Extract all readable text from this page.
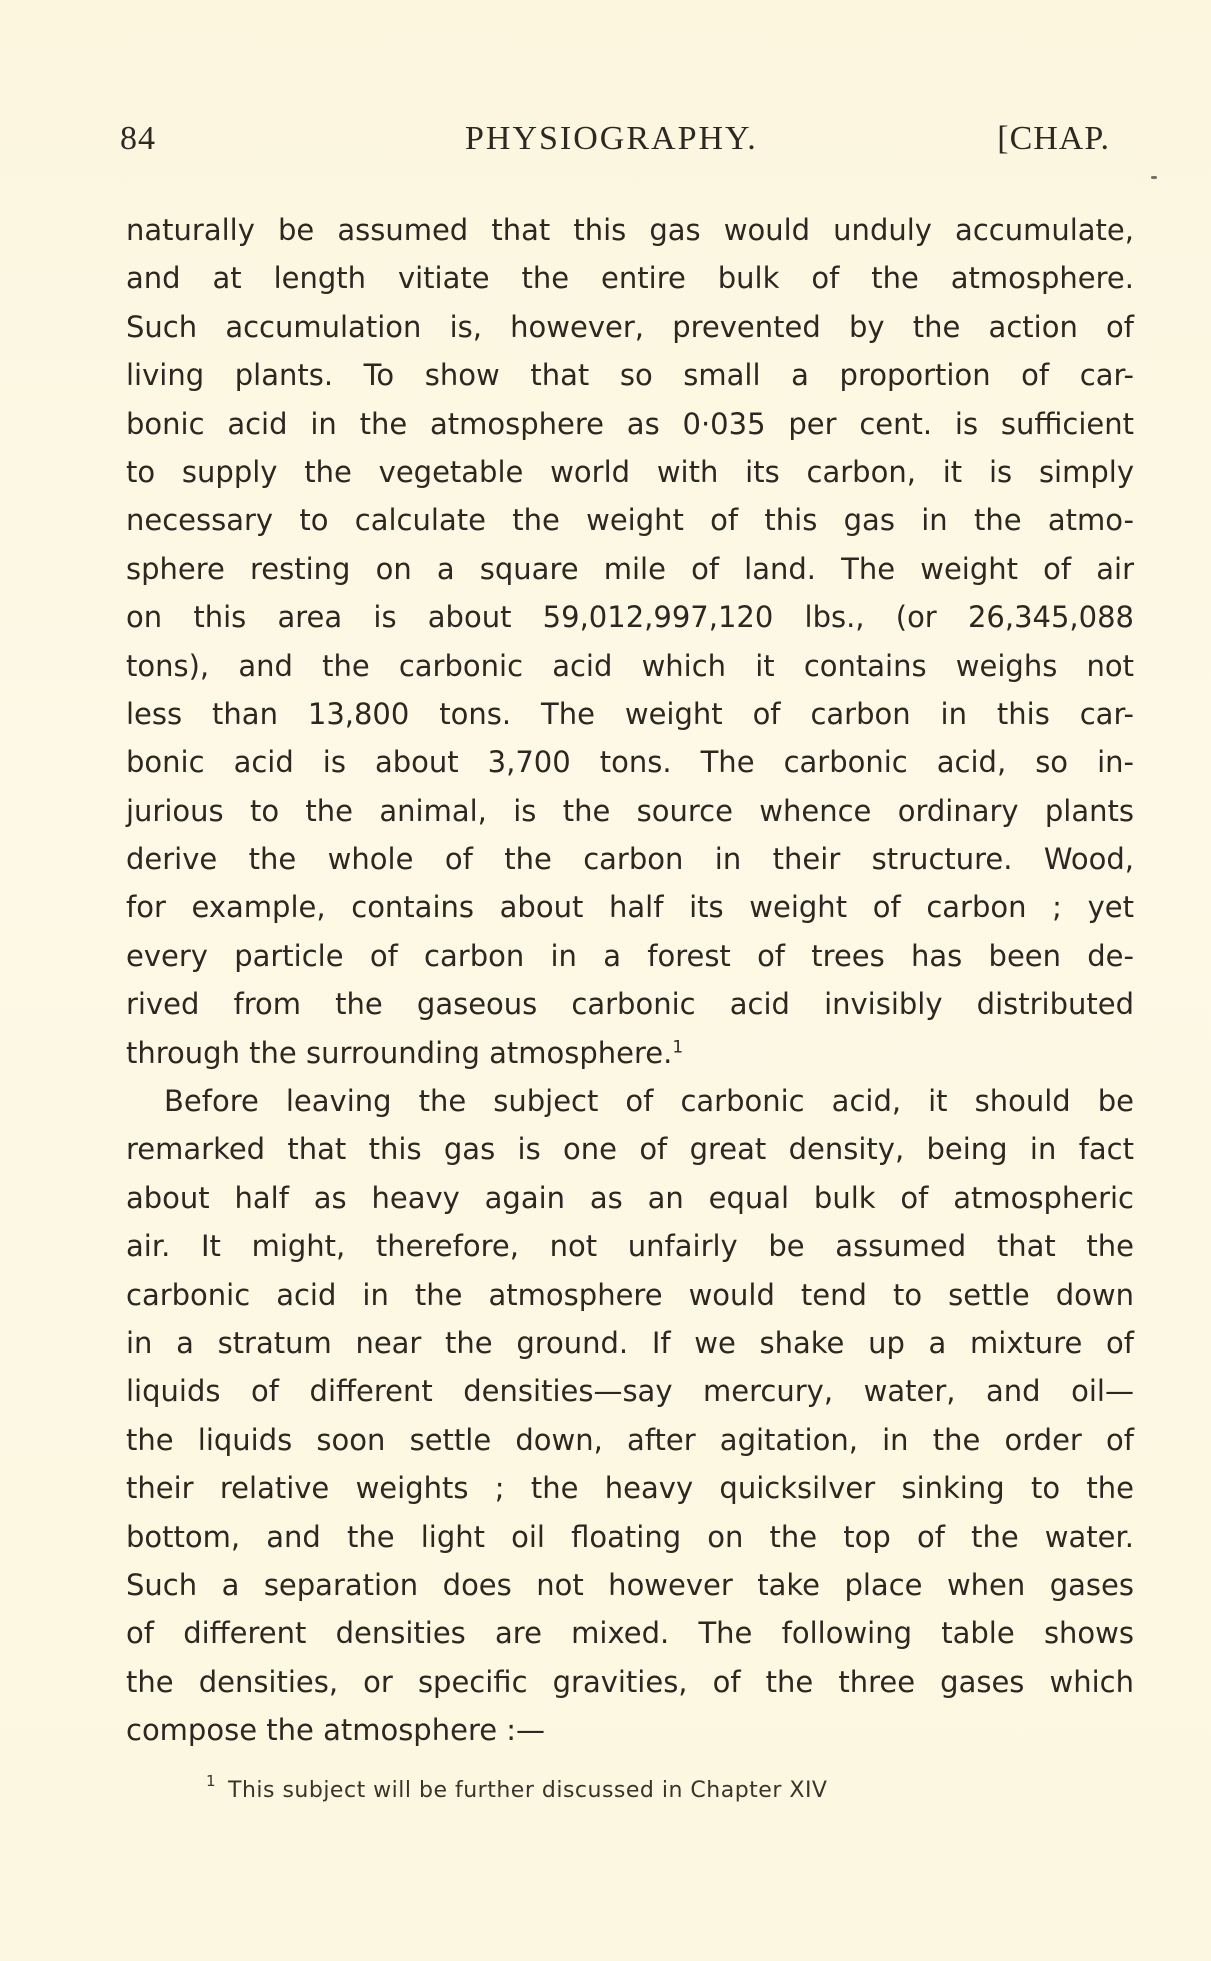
84	PHYSIOGRAPHY.	[CHAP.
naturally be assumed that this gas would unduly accumulate,
and at length vitiate the entire bulk of the atmosphere.
Such accumulation is, however, prevented by the action of
living plants. To show that so small a proportion of car-
bonic acid in the atmosphere as 0·035 per cent. is sufficient
to supply the vegetable world with its carbon, it is simply
necessary to calculate the weight of this gas in the atmo-
sphere resting on a square mile of land. The weight of air
on this area is about 59,012,997,120 lbs., (or 26,345,088
tons), and the carbonic acid which it contains weighs not
less than 13,800 tons. The weight of carbon in this car-
bonic acid is about 3,700 tons. The carbonic acid, so in-
jurious to the animal, is the source whence ordinary plants
derive the whole of the carbon in their structure. Wood,
for example, contains about half its weight of carbon ; yet
every particle of carbon in a forest of trees has been de-
rived from the gaseous carbonic acid invisibly distributed
through the surrounding atmosphere.$^1$
Before leaving the subject of carbonic acid, it should be
remarked that this gas is one of great density, being in fact
about half as heavy again as an equal bulk of atmospheric
air. It might, therefore, not unfairly be assumed that the
carbonic acid in the atmosphere would tend to settle down
in a stratum near the ground. If we shake up a mixture of
liquids of different densities—say mercury, water, and oil—
the liquids soon settle down, after agitation, in the order of
their relative weights ; the heavy quicksilver sinking to the
bottom, and the light oil floating on the top of the water.
Such a separation does not however take place when gases
of different densities are mixed. The following table shows
the densities, or specific gravities, of the three gases which
compose the atmosphere :—
1 This subject will be further discussed in Chapter XIV
